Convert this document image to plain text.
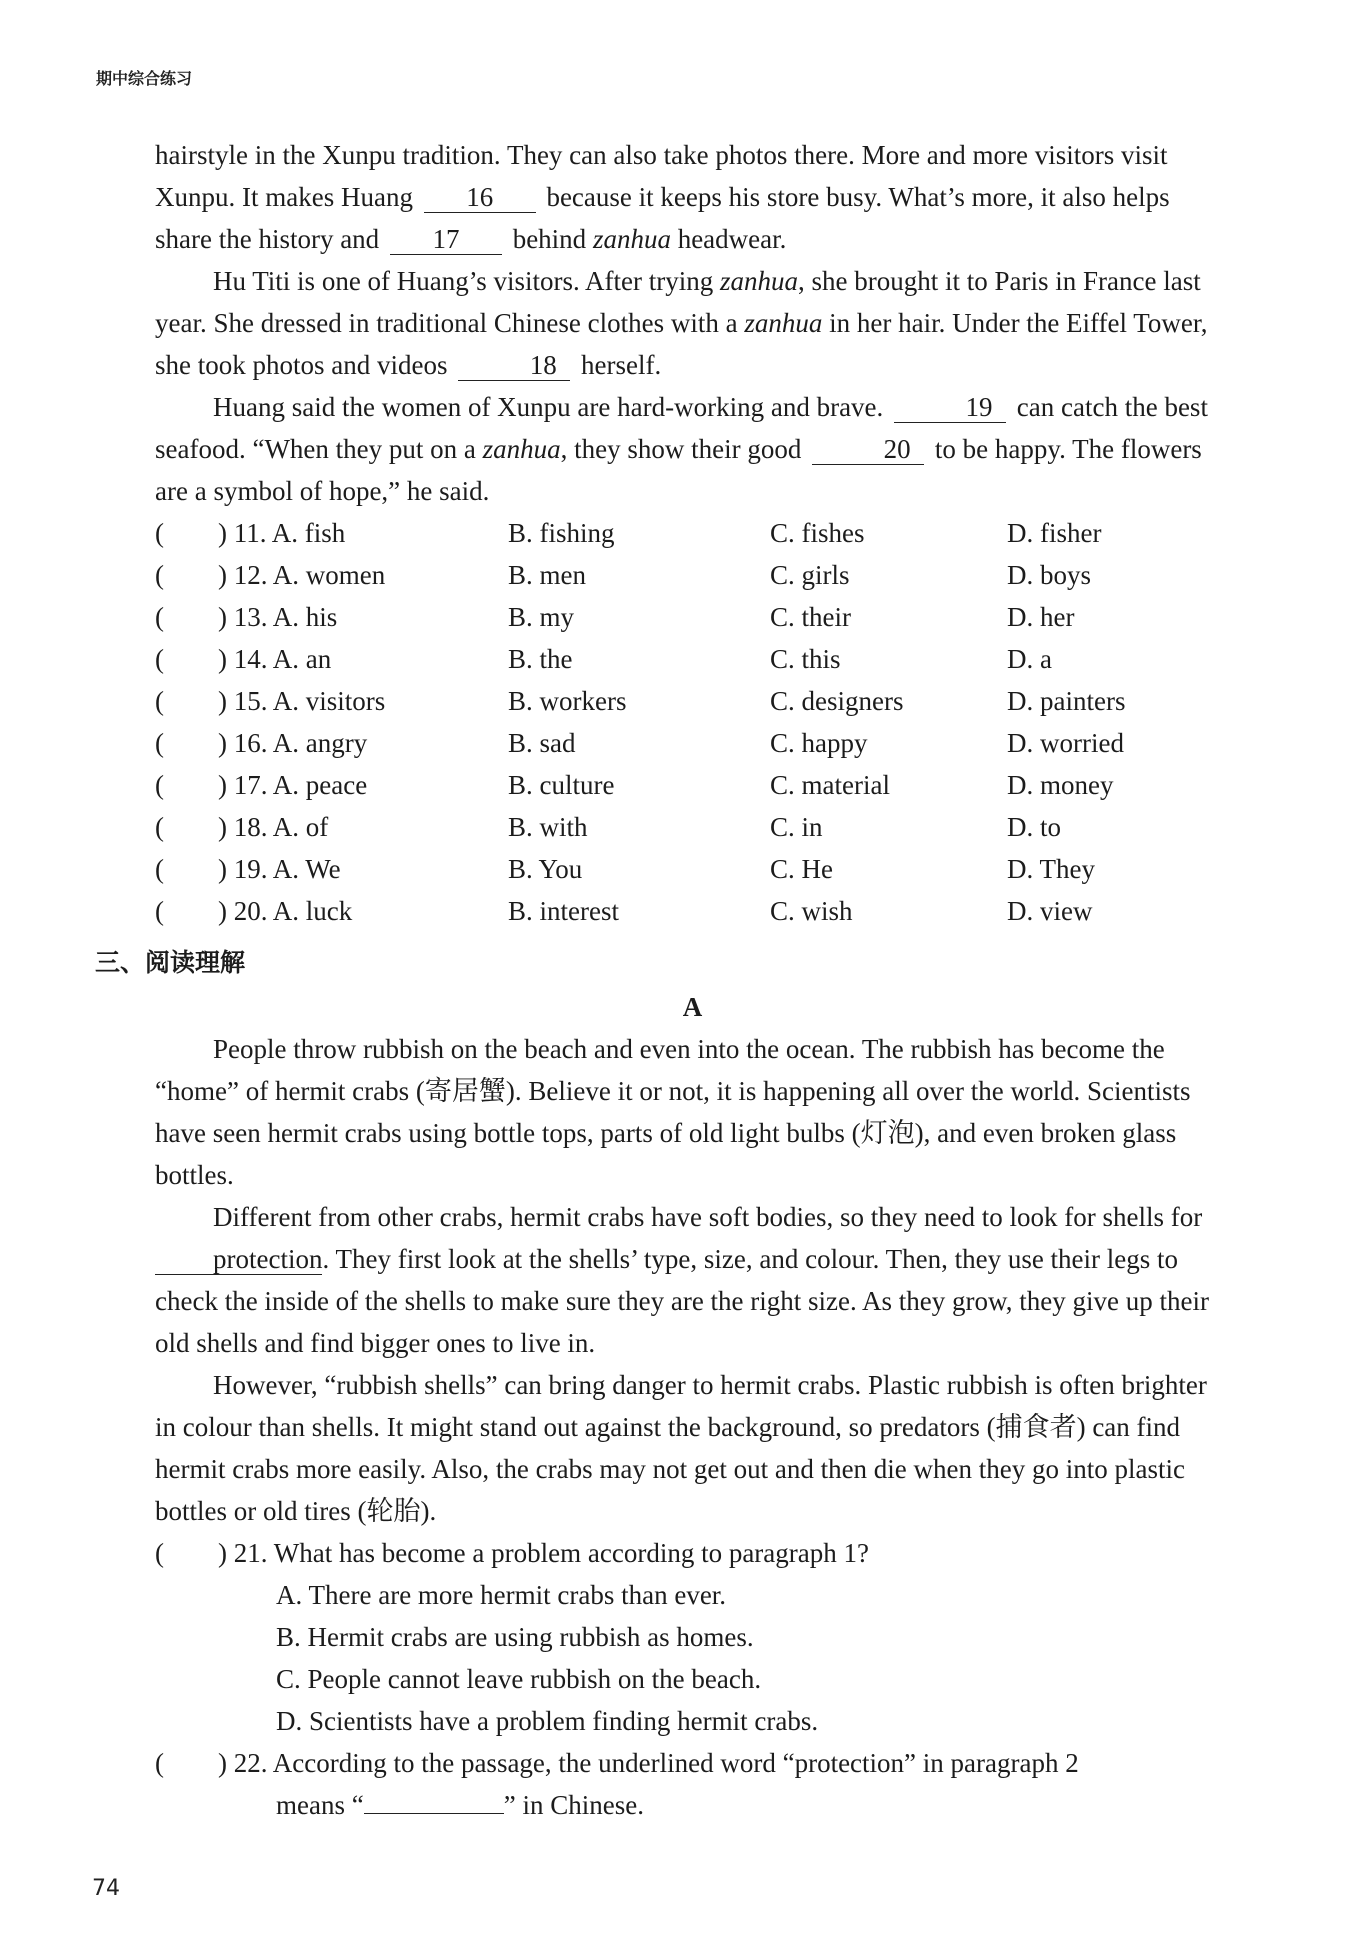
期中综合练习

hairstyle in the Xunpu tradition. They can also take photos there. More and more visitors visit Xunpu. It makes Huang 16 because it keeps his store busy. What’s more, it also helps share the history and 17 behind zanhua headwear.

Hu Titi is one of Huang’s visitors. After trying zanhua, she brought it to Paris in France last year. She dressed in traditional Chinese clothes with a zanhua in her hair. Under the Eiffel Tower, she took photos and videos	18 herself.

Huang said the women of Xunpu are hard-working and brave.	19 can catch the best seafood. “When they put on a zanhua, they show their good	20 to be happy. The flowers are a symbol of hope,” he said.

(	) 11. A. fish	B. fishing	C. fishes	D. fisher
(	) 12. A. women	B. men	C. girls	D. boys
(	) 13. A. his	B. my	C. their	D. her
(	) 14. A. an	B. the	C. this	D. a
(	) 15. A. visitors	B. workers	C. designers	D. painters
(	) 16. A. angry	B. sad	C. happy	D. worried
(	) 17. A. peace	B. culture	C. material	D. money
(	) 18. A. of	B. with	C. in	D. to
(	) 19. A. We	B. You	C. He	D. They
(	) 20. A. luck	B. interest	C. wish	D. view
三、阅读理解

A

People throw rubbish on the beach and even into the ocean. The rubbish has become the “home” of hermit crabs (寄居蟹). Believe it or not, it is happening all over the world. Scientists have seen hermit crabs using bottle tops, parts of old light bulbs (灯泡), and even broken glass bottles.

Different from other crabs, hermit crabs have soft bodies, so they need to look for shells for protection. They first look at the shells’ type, size, and colour. Then, they use their legs to check the inside of the shells to make sure they are the right size. As they grow, they give up their old shells and find bigger ones to live in.

However, “rubbish shells” can bring danger to hermit crabs. Plastic rubbish is often brighter in colour than shells. It might stand out against the background, so predators (捕食者) can find hermit crabs more easily. Also, the crabs may not get out and then die when they go into plastic bottles or old tires (轮胎).

(	) 21. What has become a problem according to paragraph 1?
A. There are more hermit crabs than ever.
B. Hermit crabs are using rubbish as homes.
C. People cannot leave rubbish on the beach.
D. Scientists have a problem finding hermit crabs.
(	) 22. According to the passage, the underlined word “protection” in paragraph 2
means “	” in Chinese.
74
